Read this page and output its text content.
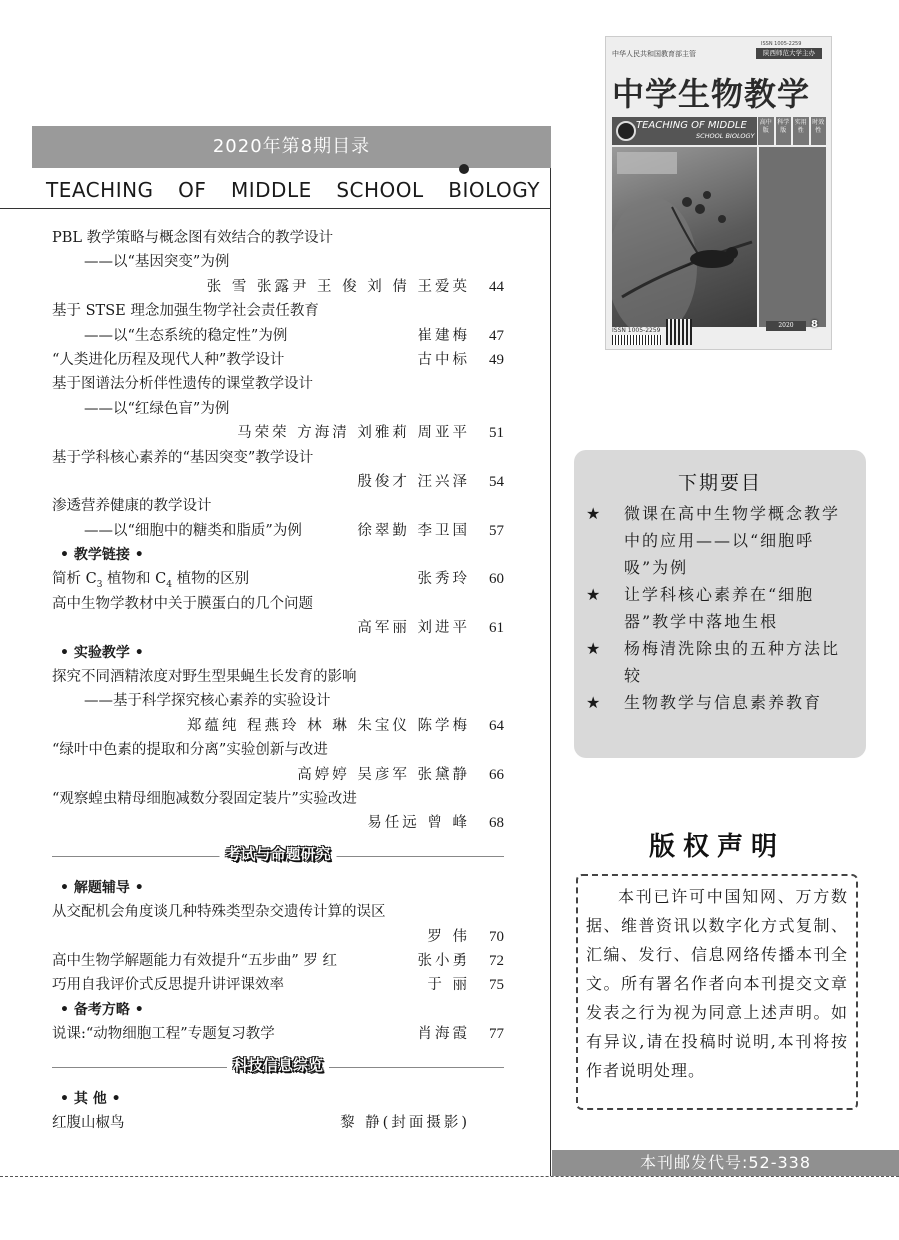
2020年第8期目录
TEACHING OF MIDDLE SCHOOL BIOLOGY
PBL 教学策略与概念图有效结合的教学设计
——以“基因突变”为例
张 雪 张露尹 王 俊 刘 倩 王爱英 44
基于 STSE 理念加强生物学社会责任教育
——以“生态系统的稳定性”为例	崔建梅 47
“人类进化历程及现代人种”教学设计	古中标 49
基于图谱法分析伴性遗传的课堂教学设计
——以“红绿色盲”为例
马荣荣 方海清 刘雅莉 周亚平 51
基于学科核心素养的“基因突变”教学设计
殷俊才 汪兴泽 54
渗透营养健康的教学设计
——以“细胞中的糖类和脂质”为例	徐翠勤 李卫国 57
• 教学链接 •
简析 $C_3$ 植物和 $C_4$ 植物的区别	张秀玲 60
高中生物学教材中关于膜蛋白的几个问题
高军丽 刘进平 61
• 实验教学 •
探究不同酒精浓度对野生型果蝇生长发育的影响
——基于科学探究核心素养的实验设计
郑蕴纯 程燕玲 林 琳 朱宝仪 陈学梅 64
“绿叶中色素的提取和分离”实验创新与改进
高婷婷 吴彦军 张黛静 66
“观察蝗虫精母细胞减数分裂固定装片”实验改进
易任远 曾 峰 68
考试与命题研究
• 解题辅导 •
从交配机会角度谈几种特殊类型杂交遗传计算的误区
罗 伟 70
高中生物学解题能力有效提升“五步曲” 罗 红	张小勇 72
巧用自我评价式反思提升讲评课效率	于 丽 75
• 备考方略 •
说课:“动物细胞工程”专题复习教学	肖海霞 77
科技信息综览
• 其 他 •
红腹山椒鸟	黎 静(封面摄影)
中华人民共和国教育部主管
ISSN 1005-2259
陕西师范大学主办
中学生物教学
TEACHING OF MIDDLE
SCHOOL BIOLOGY
高中版
科学版
实用性
时效性
ISSN 1005-2259
2020	8
下期要目
★ 微课在高中生物学概念教学中的应用——以“细胞呼吸”为例
★ 让学科核心素养在“细胞器”教学中落地生根
★ 杨梅清洗除虫的五种方法比较
★ 生物教学与信息素养教育
版权声明
本刊已许可中国知网、万方数据、维普资讯以数字化方式复制、汇编、发行、信息网络传播本刊全文。所有署名作者向本刊提交文章发表之行为视为同意上述声明。如有异议,请在投稿时说明,本刊将按作者说明处理。
本刊邮发代号:52-338
